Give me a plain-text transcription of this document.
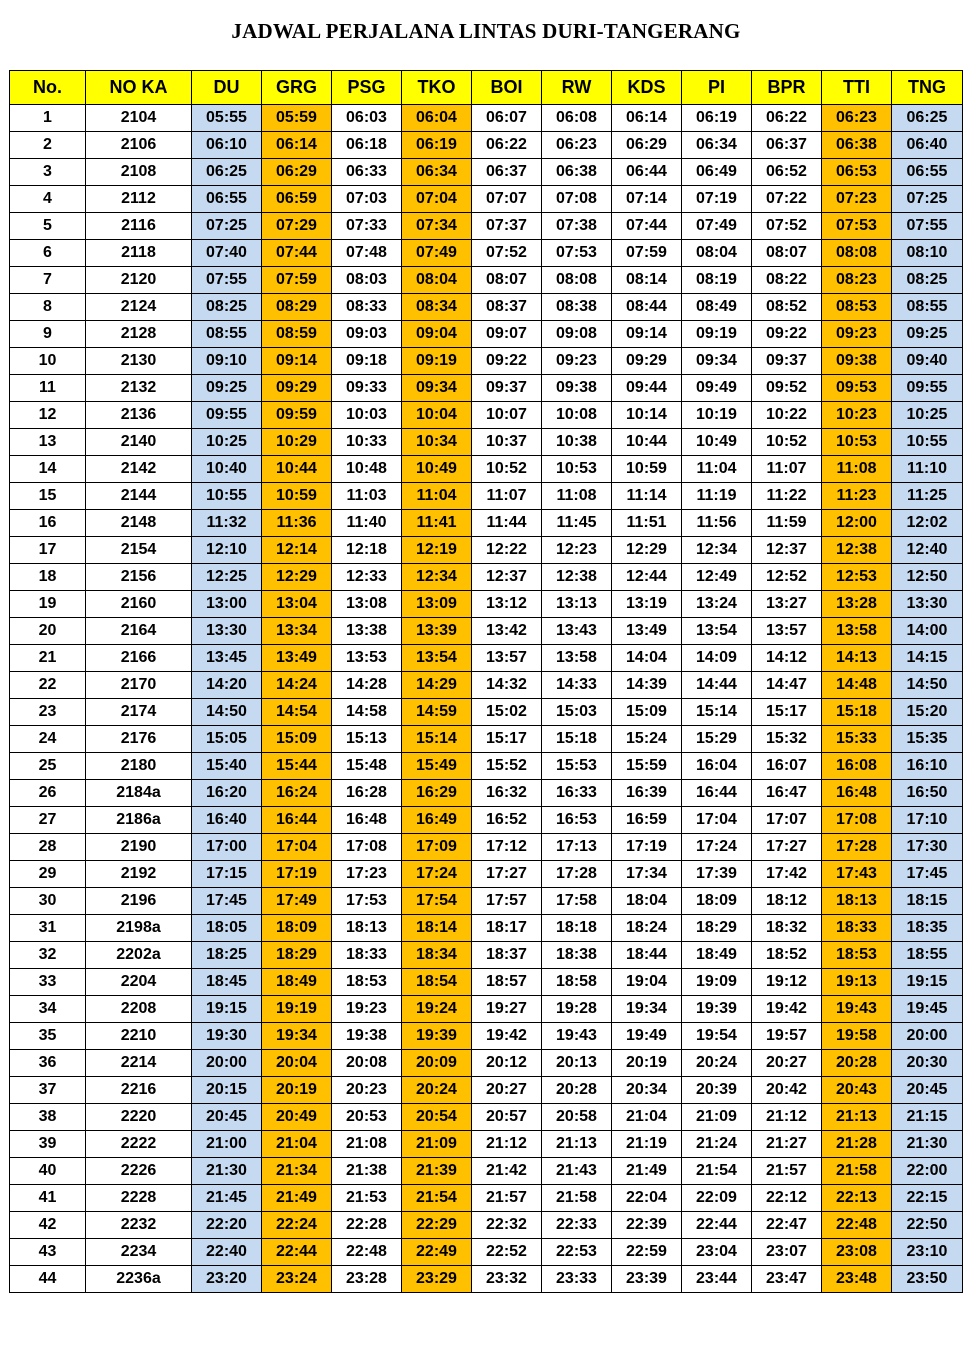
JADWAL PERJALANA LINTAS DURI-TANGERANG
No.	NO KA	DU	GRG	PSG	TKO	BOI	RW	KDS	PI	BPR	TTI	TNG
1	2104	05:55	05:59	06:03	06:04	06:07	06:08	06:14	06:19	06:22	06:23	06:25
2	2106	06:10	06:14	06:18	06:19	06:22	06:23	06:29	06:34	06:37	06:38	06:40
3	2108	06:25	06:29	06:33	06:34	06:37	06:38	06:44	06:49	06:52	06:53	06:55
4	2112	06:55	06:59	07:03	07:04	07:07	07:08	07:14	07:19	07:22	07:23	07:25
5	2116	07:25	07:29	07:33	07:34	07:37	07:38	07:44	07:49	07:52	07:53	07:55
6	2118	07:40	07:44	07:48	07:49	07:52	07:53	07:59	08:04	08:07	08:08	08:10
7	2120	07:55	07:59	08:03	08:04	08:07	08:08	08:14	08:19	08:22	08:23	08:25
8	2124	08:25	08:29	08:33	08:34	08:37	08:38	08:44	08:49	08:52	08:53	08:55
9	2128	08:55	08:59	09:03	09:04	09:07	09:08	09:14	09:19	09:22	09:23	09:25
10	2130	09:10	09:14	09:18	09:19	09:22	09:23	09:29	09:34	09:37	09:38	09:40
11	2132	09:25	09:29	09:33	09:34	09:37	09:38	09:44	09:49	09:52	09:53	09:55
12	2136	09:55	09:59	10:03	10:04	10:07	10:08	10:14	10:19	10:22	10:23	10:25
13	2140	10:25	10:29	10:33	10:34	10:37	10:38	10:44	10:49	10:52	10:53	10:55
14	2142	10:40	10:44	10:48	10:49	10:52	10:53	10:59	11:04	11:07	11:08	11:10
15	2144	10:55	10:59	11:03	11:04	11:07	11:08	11:14	11:19	11:22	11:23	11:25
16	2148	11:32	11:36	11:40	11:41	11:44	11:45	11:51	11:56	11:59	12:00	12:02
17	2154	12:10	12:14	12:18	12:19	12:22	12:23	12:29	12:34	12:37	12:38	12:40
18	2156	12:25	12:29	12:33	12:34	12:37	12:38	12:44	12:49	12:52	12:53	12:50
19	2160	13:00	13:04	13:08	13:09	13:12	13:13	13:19	13:24	13:27	13:28	13:30
20	2164	13:30	13:34	13:38	13:39	13:42	13:43	13:49	13:54	13:57	13:58	14:00
21	2166	13:45	13:49	13:53	13:54	13:57	13:58	14:04	14:09	14:12	14:13	14:15
22	2170	14:20	14:24	14:28	14:29	14:32	14:33	14:39	14:44	14:47	14:48	14:50
23	2174	14:50	14:54	14:58	14:59	15:02	15:03	15:09	15:14	15:17	15:18	15:20
24	2176	15:05	15:09	15:13	15:14	15:17	15:18	15:24	15:29	15:32	15:33	15:35
25	2180	15:40	15:44	15:48	15:49	15:52	15:53	15:59	16:04	16:07	16:08	16:10
26	2184a	16:20	16:24	16:28	16:29	16:32	16:33	16:39	16:44	16:47	16:48	16:50
27	2186a	16:40	16:44	16:48	16:49	16:52	16:53	16:59	17:04	17:07	17:08	17:10
28	2190	17:00	17:04	17:08	17:09	17:12	17:13	17:19	17:24	17:27	17:28	17:30
29	2192	17:15	17:19	17:23	17:24	17:27	17:28	17:34	17:39	17:42	17:43	17:45
30	2196	17:45	17:49	17:53	17:54	17:57	17:58	18:04	18:09	18:12	18:13	18:15
31	2198a	18:05	18:09	18:13	18:14	18:17	18:18	18:24	18:29	18:32	18:33	18:35
32	2202a	18:25	18:29	18:33	18:34	18:37	18:38	18:44	18:49	18:52	18:53	18:55
33	2204	18:45	18:49	18:53	18:54	18:57	18:58	19:04	19:09	19:12	19:13	19:15
34	2208	19:15	19:19	19:23	19:24	19:27	19:28	19:34	19:39	19:42	19:43	19:45
35	2210	19:30	19:34	19:38	19:39	19:42	19:43	19:49	19:54	19:57	19:58	20:00
36	2214	20:00	20:04	20:08	20:09	20:12	20:13	20:19	20:24	20:27	20:28	20:30
37	2216	20:15	20:19	20:23	20:24	20:27	20:28	20:34	20:39	20:42	20:43	20:45
38	2220	20:45	20:49	20:53	20:54	20:57	20:58	21:04	21:09	21:12	21:13	21:15
39	2222	21:00	21:04	21:08	21:09	21:12	21:13	21:19	21:24	21:27	21:28	21:30
40	2226	21:30	21:34	21:38	21:39	21:42	21:43	21:49	21:54	21:57	21:58	22:00
41	2228	21:45	21:49	21:53	21:54	21:57	21:58	22:04	22:09	22:12	22:13	22:15
42	2232	22:20	22:24	22:28	22:29	22:32	22:33	22:39	22:44	22:47	22:48	22:50
43	2234	22:40	22:44	22:48	22:49	22:52	22:53	22:59	23:04	23:07	23:08	23:10
44	2236a	23:20	23:24	23:28	23:29	23:32	23:33	23:39	23:44	23:47	23:48	23:50
